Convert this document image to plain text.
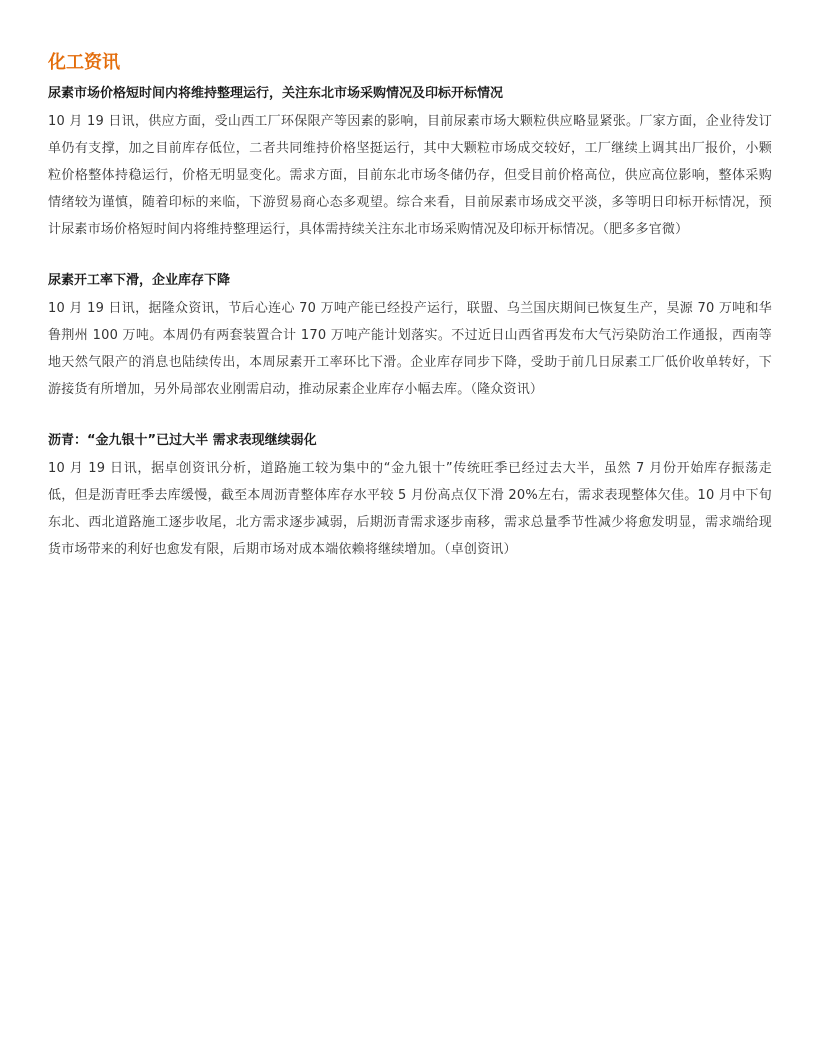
化工资讯
尿素市场价格短时间内将维持整理运行，关注东北市场采购情况及印标开标情况

10 月 19 日讯，供应方面，受山西工厂环保限产等因素的影响，目前尿素市场大颗粒供应略显紧张。厂家方面，企业待发订单仍有支撑，加之目前库存低位，二者共同维持价格坚挺运行，其中大颗粒市场成交较好，工厂继续上调其出厂报价，小颗粒价格整体持稳运行，价格无明显变化。需求方面，目前东北市场冬储仍存，但受目前价格高位，供应高位影响，整体采购情绪较为谨慎，随着印标的来临，下游贸易商心态多观望。综合来看，目前尿素市场成交平淡，多等明日印标开标情况，预计尿素市场价格短时间内将维持整理运行，具体需持续关注东北市场采购情况及印标开标情况。（肥多多官微）

尿素开工率下滑，企业库存下降

10 月 19 日讯，据隆众资讯，节后心连心 70 万吨产能已经投产运行，联盟、乌兰国庆期间已恢复生产，昊源 70 万吨和华鲁荆州 100 万吨。本周仍有两套装置合计 170 万吨产能计划落实。不过近日山西省再发布大气污染防治工作通报，西南等地天然气限产的消息也陆续传出，本周尿素开工率环比下滑。企业库存同步下降，受助于前几日尿素工厂低价收单转好，下游接货有所增加，另外局部农业刚需启动，推动尿素企业库存小幅去库。（隆众资讯）

沥青：“金九银十”已过大半 需求表现继续弱化

10 月 19 日讯，据卓创资讯分析，道路施工较为集中的“金九银十”传统旺季已经过去大半，虽然 7 月份开始库存振荡走低，但是沥青旺季去库缓慢，截至本周沥青整体库存水平较 5 月份高点仅下滑 20%左右，需求表现整体欠佳。10 月中下旬东北、西北道路施工逐步收尾，北方需求逐步减弱，后期沥青需求逐步南移，需求总量季节性减少将愈发明显，需求端给现货市场带来的利好也愈发有限，后期市场对成本端依赖将继续增加。（卓创资讯）
